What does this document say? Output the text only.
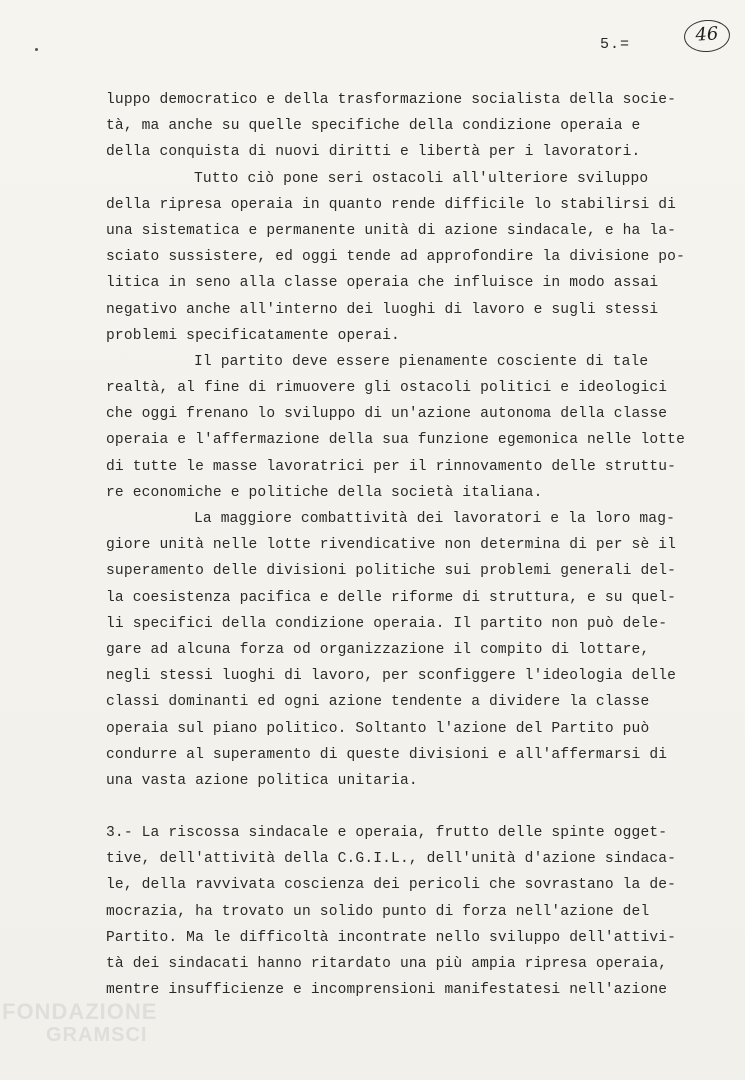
5.=	46
luppo democratico e della trasformazione socialista della socie-
tà, ma anche su quelle specifiche della condizione operaia e
della conquista di nuovi diritti e libertà per i lavoratori.
Tutto ciò pone seri ostacoli all'ulteriore sviluppo
della ripresa operaia in quanto rende difficile lo stabilirsi di
una sistematica e permanente unità di azione sindacale, e ha la-
sciato sussistere, ed oggi tende ad approfondire la divisione po-
litica in seno alla classe operaia che influisce in modo assai
negativo anche all'interno dei luoghi di lavoro e sugli stessi
problemi specificatamente operai.
Il partito deve essere pienamente cosciente di tale
realtà, al fine di rimuovere gli ostacoli politici e ideologici
che oggi frenano lo sviluppo di un'azione autonoma della classe
operaia e l'affermazione della sua funzione egemonica nelle lotte
di tutte le masse lavoratrici per il rinnovamento delle struttu-
re economiche e politiche della società italiana.
La maggiore combattività dei lavoratori e la loro mag-
giore unità nelle lotte rivendicative non determina di per sè il
superamento delle divisioni politiche sui problemi generali del-
la coesistenza pacifica e delle riforme di struttura, e su quel-
li specifici della condizione operaia. Il partito non può dele-
gare ad alcuna forza od organizzazione il compito di lottare,
negli stessi luoghi di lavoro, per sconfiggere l'ideologia delle
classi dominanti ed ogni azione tendente a dividere la classe
operaia sul piano politico. Soltanto l'azione del Partito può
condurre al superamento di queste divisioni e all'affermarsi di
una vasta azione politica unitaria.
3.- La riscossa sindacale e operaia, frutto delle spinte ogget-
tive, dell'attività della C.G.I.L., dell'unità d'azione sindaca-
le, della ravvivata coscienza dei pericoli che sovrastano la de-
mocrazia, ha trovato un solido punto di forza nell'azione del
Partito. Ma le difficoltà incontrate nello sviluppo dell'attivi-
tà dei sindacati hanno ritardato una più ampia ripresa operaia,
mentre insufficienze e incomprensioni manifestatesi nell'azione
FONDAZIONE
GRAMSCI
